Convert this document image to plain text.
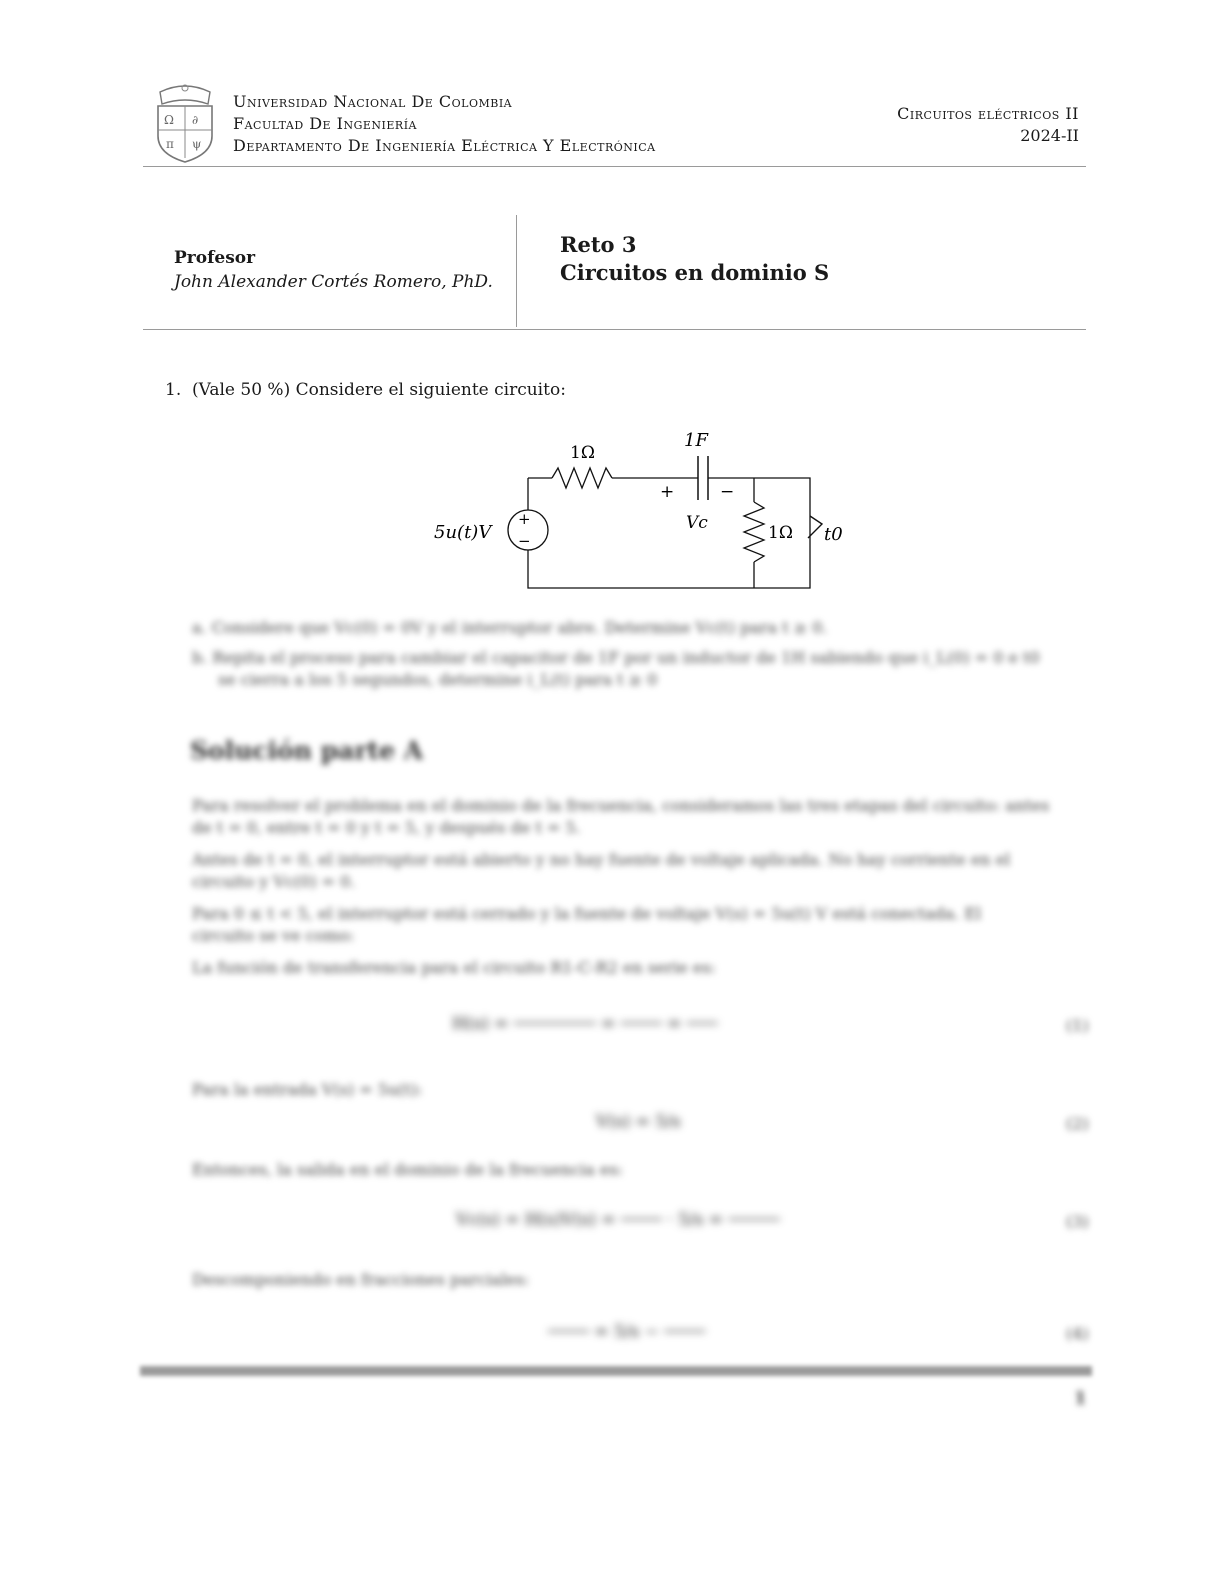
Ω ∂
π ψ
Universidad Nacional De Colombia
Facultad De Ingeniería
Departamento De Ingeniería Eléctrica Y Electrónica
Circuitos eléctricos II
2024-II
Profesor
John Alexander Cortés Romero, PhD.
Reto 3
Circuitos en dominio S
1. (Vale 50 %) Considere el siguiente circuito:
+
−
5u(t)V
1Ω
1F
+	−
Vc	1Ω t0
a. Considere que Vc(0) = 0V y el interruptor abre. Determine Vc(t) para t ≥ 0.
b. Repita el proceso para cambiar el capacitor de 1F por un inductor de 1H sabiendo que i_L(0) = 0 e t0
se cierra a los 5 segundos, determine i_L(t) para t ≥ 0
Solución parte A
Para resolver el problema en el dominio de la frecuencia, consideramos las tres etapas del circuito: antes
de t = 0, entre t = 0 y t = 5, y después de t = 5.
Antes de t = 0, el interruptor está abierto y no hay fuente de voltaje aplicada. No hay corriente en el
circuito y Vc(0) = 0.
Para 0 ≤ t < 5, el interruptor está cerrado y la fuente de voltaje V(s) = 5u(t) V está conectada. El
circuito se ve como:
La función de transferencia para el circuito R1-C-R2 en serie es:
H(s) = ──────── = ──── = ───	(1)
Para la entrada V(s) = 5u(t):
V(s) = 5/s	(2)
Entonces, la salida en el dominio de la frecuencia es:
Vc(s) = H(s)V(s) = ──── · 5/s = ─────	(3)
Descomponiendo en fracciones parciales:
──── = 5/s − ────	(4)
1
